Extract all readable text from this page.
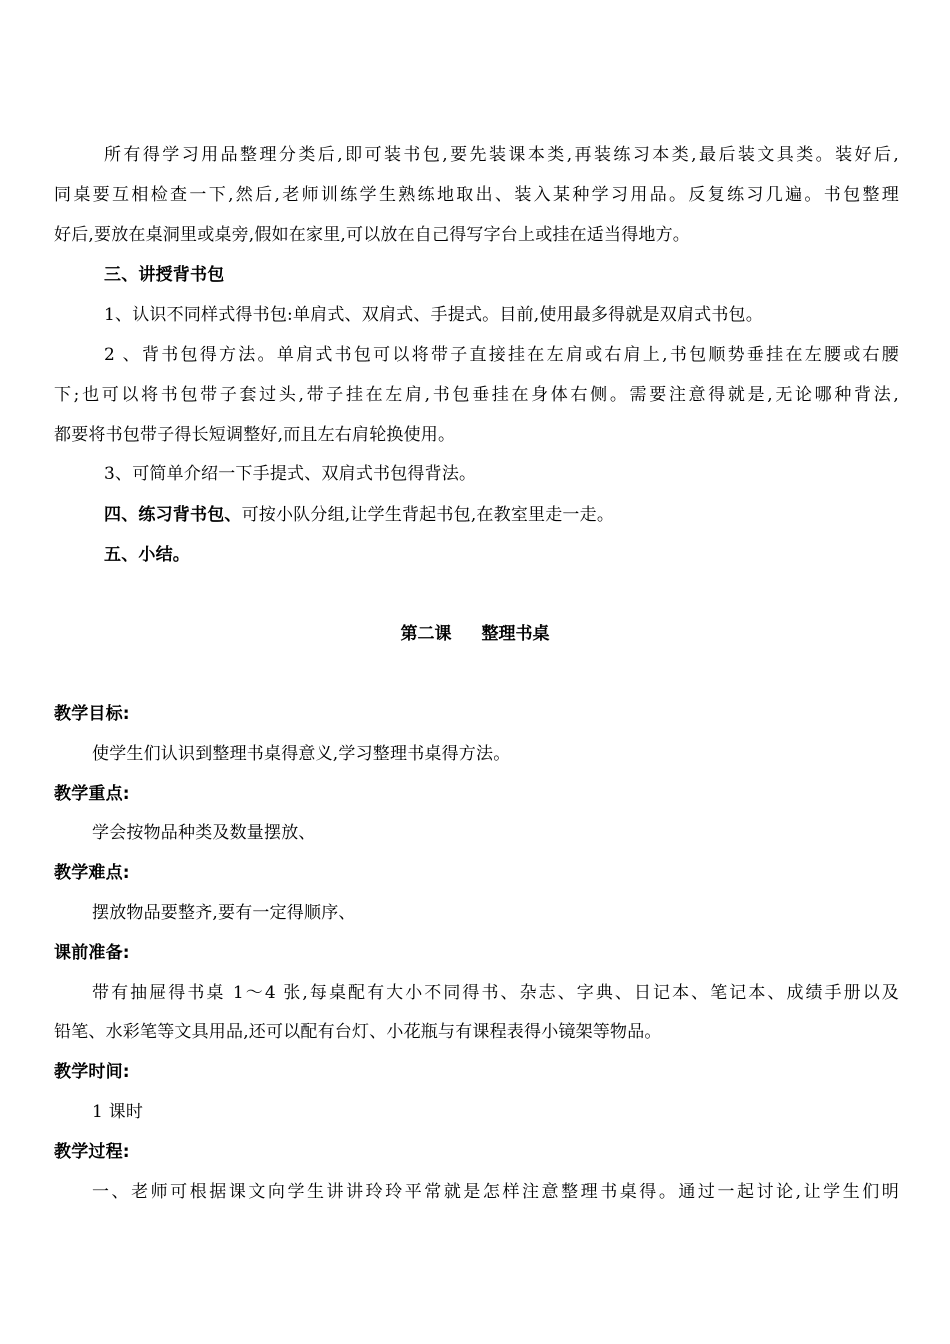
所有得学习用品整理分类后,即可装书包,要先装课本类,再装练习本类,最后装文具类。装好后,
同桌要互相检查一下,然后,老师训练学生熟练地取出、装入某种学习用品。反复练习几遍。书包整理
好后,要放在桌洞里或桌旁,假如在家里,可以放在自己得写字台上或挂在适当得地方。
三、讲授背书包
1、认识不同样式得书包:单肩式、双肩式、手提式。目前,使用最多得就是双肩式书包。
2 、背书包得方法。单肩式书包可以将带子直接挂在左肩或右肩上,书包顺势垂挂在左腰或右腰
下;也可以将书包带子套过头,带子挂在左肩,书包垂挂在身体右侧。需要注意得就是,无论哪种背法,
都要将书包带子得长短调整好,而且左右肩轮换使用。
3、可简单介绍一下手提式、双肩式书包得背法。
四、练习背书包、可按小队分组,让学生背起书包,在教室里走一走。
五、小结。
第二课 整理书桌
教学目标:
使学生们认识到整理书桌得意义,学习整理书桌得方法。
教学重点:
学会按物品种类及数量摆放、
教学难点:
摆放物品要整齐,要有一定得顺序、
课前准备:
带有抽屉得书桌 1～4 张,每桌配有大小不同得书、杂志、字典、日记本、笔记本、成绩手册以及
铅笔、水彩笔等文具用品,还可以配有台灯、小花瓶与有课程表得小镜架等物品。
教学时间:
1 课时
教学过程:
一、老师可根据课文向学生讲讲玲玲平常就是怎样注意整理书桌得。通过一起讨论,让学生们明
